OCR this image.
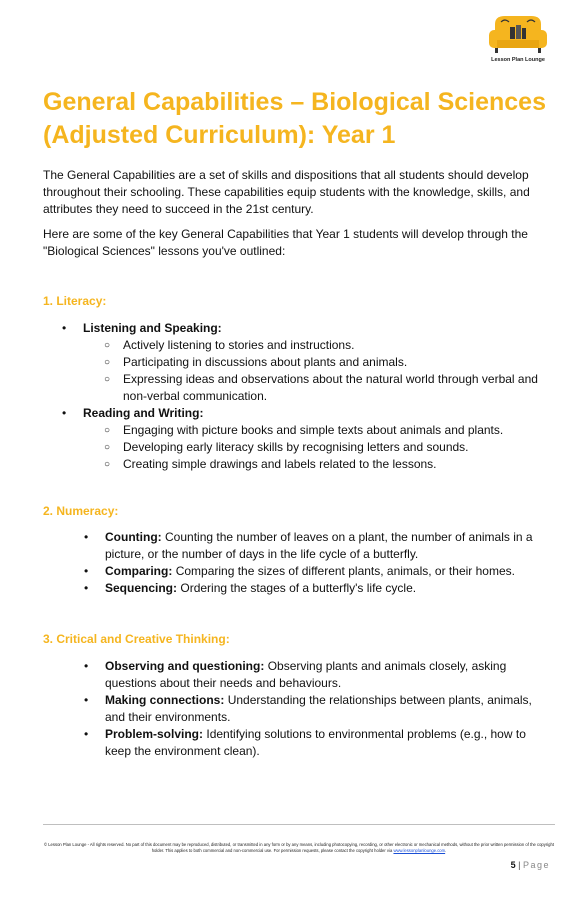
Lesson Plan Lounge
General Capabilities – Biological Sciences (Adjusted Curriculum): Year 1

The General Capabilities are a set of skills and dispositions that all students should develop throughout their schooling. These capabilities equip students with the knowledge, skills, and attributes they need to succeed in the 21st century.

Here are some of the key General Capabilities that Year 1 students will develop through the "Biological Sciences" lessons you've outlined:

1. Literacy:
• Listening and Speaking:
○ Actively listening to stories and instructions.
○ Participating in discussions about plants and animals.
○ Expressing ideas and observations about the natural world through verbal and non-verbal communication.
• Reading and Writing:
○ Engaging with picture books and simple texts about animals and plants.
○ Developing early literacy skills by recognising letters and sounds.
○ Creating simple drawings and labels related to the lessons.
2. Numeracy:
• Counting: Counting the number of leaves on a plant, the number of animals in a picture, or the number of days in the life cycle of a butterfly.
• Comparing: Comparing the sizes of different plants, animals, or their homes.
• Sequencing: Ordering the stages of a butterfly's life cycle.
3. Critical and Creative Thinking:
• Observing and questioning: Observing plants and animals closely, asking questions about their needs and behaviours.
• Making connections: Understanding the relationships between plants, animals, and their environments.
• Problem-solving: Identifying solutions to environmental problems (e.g., how to keep the environment clean).

© Lesson Plan Lounge - All rights reserved. No part of this document may be reproduced, distributed, or transmitted in any form or by any means, including photocopying, recording, or other electronic or mechanical methods, without the prior written permission of the copyright holder. This applies to both commercial and non-commercial use. For permission requests, please contact the copyright holder via www.lessonplanlounge.com.

5 | Page
